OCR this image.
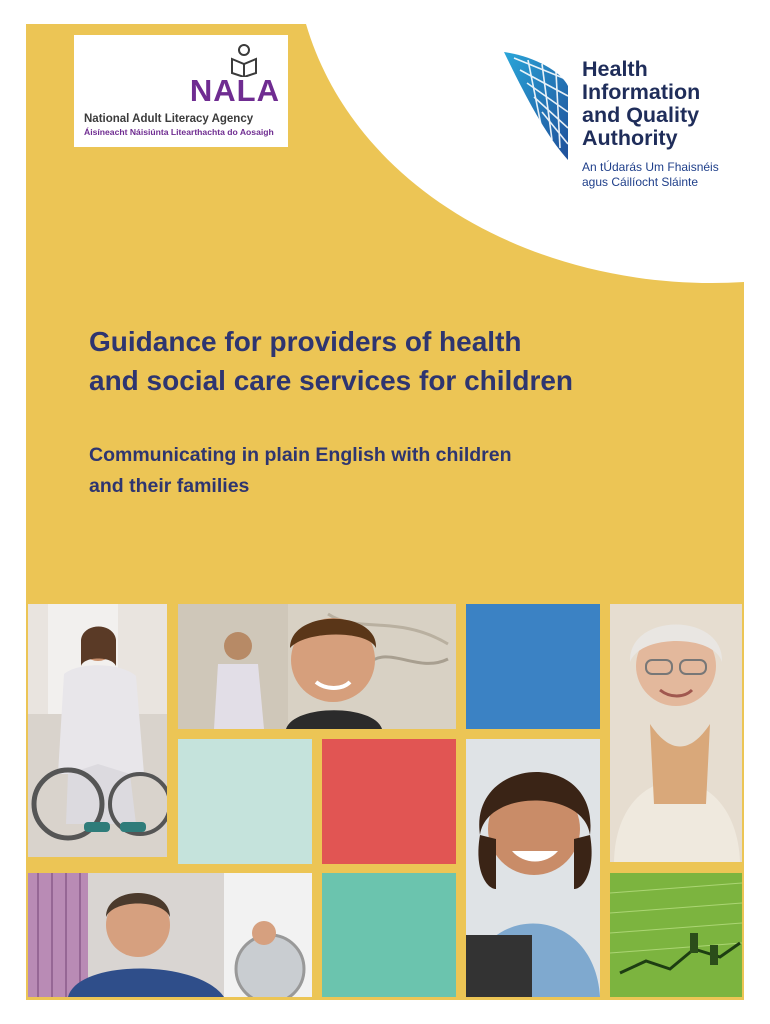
NALA
National Adult Literacy Agency
Áisíneacht Náisiúnta Litearthachta do Aosaigh
Health
Information
and Quality
Authority
An tÚdarás Um Fhaisnéis
agus Cáilíocht Sláinte
Guidance for providers of health
and social care services for children
Communicating in plain English with children
and their families
